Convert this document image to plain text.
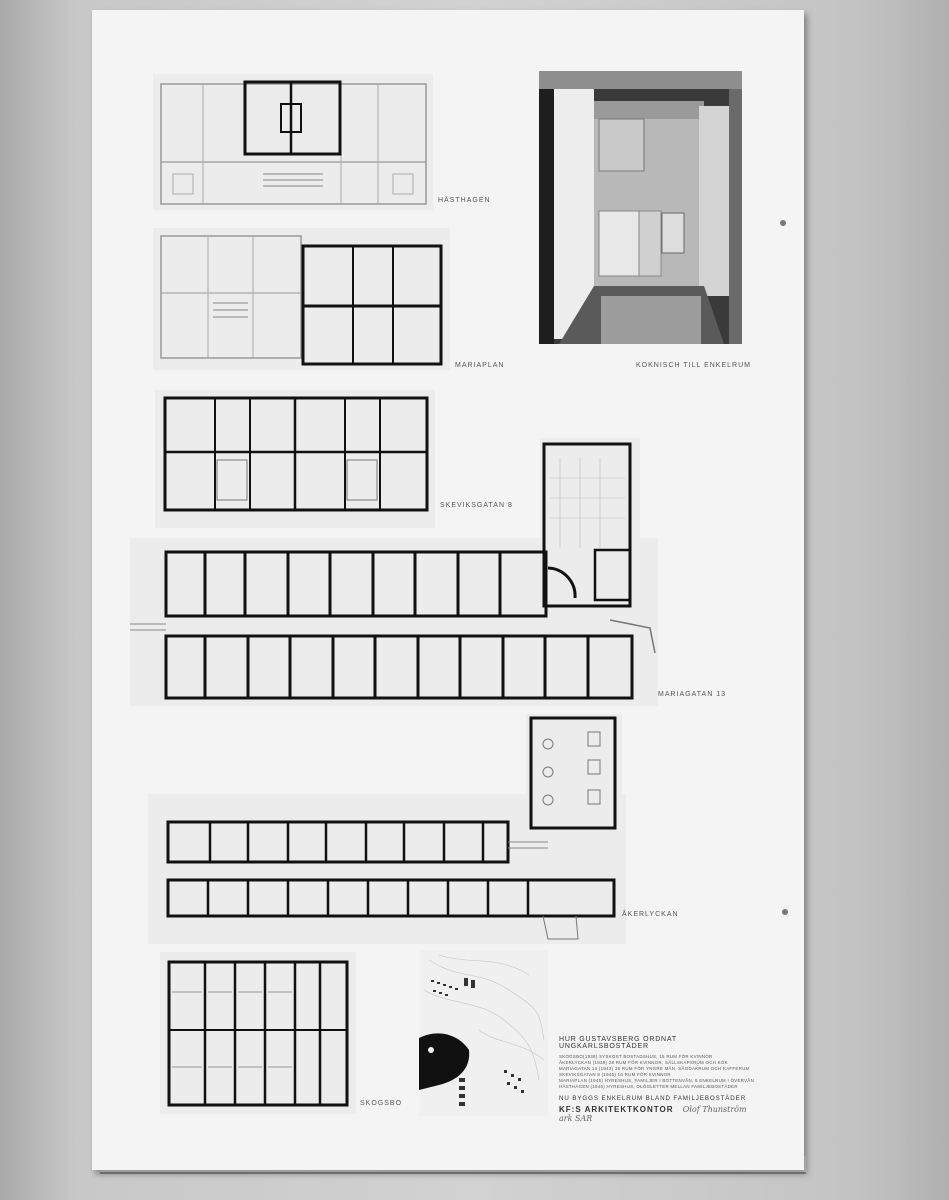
HÄSTHAGEN
KOKNISCH TILL ENKELRUM
MARIAPLAN
SKEVIKSGATAN 8
MARIAGATAN 13
ÅKERLYCKAN
SKOGSBO
HUR GUSTAVSBERG ORDNAT UNGKARLSBOSTÄDER
SKOGSBO(1938) SYSKOST BOSTADSHUS, 16 RUM FÖR KVINNOR
ÅKERLYCKAN (1939) 28 RUM FÖR KVINNOR, SÄLLSKAPSRUM OCH KÖK
MARIAGATAN 13 (1943) 35 RUM FÖR YNGRE MÄN, SÅGDAKRUM OCH KAFFERUM
SKEVIKSGATAN 8 (1945) 16 RUM FÖR KVINNOR
MARIAPLAN (1945) HYRESHUS, FAMILJER I BOTTENVÅN, 8 ENKELRUM I ÖVERVÅN
HÄSTHAGEN (1946) HYRESHUS, OLÖGLETTER MELLAN FAMILJEBOSTÄDER
NU BYGGS ENKELRUM BLAND FAMILJEBOSTÄDER
KF:S ARKITEKTKONTOR Olof Thunström ark SAR
